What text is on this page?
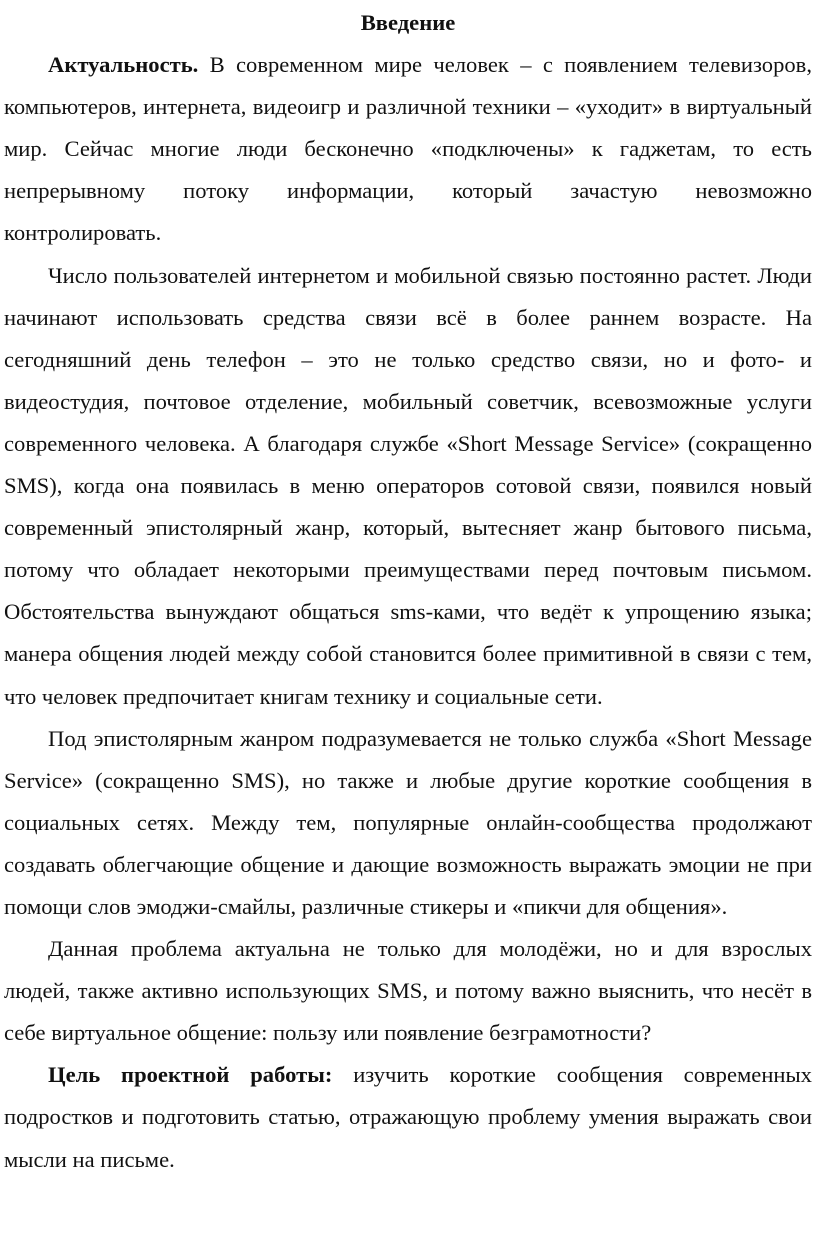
Введение

Актуальность. В современном мире человек – с появлением телевизоров, компьютеров, интернета, видеоигр и различной техники – «уходит» в виртуальный мир. Сейчас многие люди бесконечно «подключены» к гаджетам, то есть непрерывному потоку информации, который зачастую невозможно контролировать.

Число пользователей интернетом и мобильной связью постоянно растет. Люди начинают использовать средства связи всё в более раннем возрасте. На сегодняшний день телефон – это не только средство связи, но и фото- и видеостудия, почтовое отделение, мобильный советчик, всевозможные услуги современного человека. А благодаря службе «Short Message Service» (сокращенно SMS), когда она появилась в меню операторов сотовой связи, появился новый современный эпистолярный жанр, который, вытесняет жанр бытового письма, потому что обладает некоторыми преимуществами перед почтовым письмом. Обстоятельства вынуждают общаться sms-ками, что ведёт к упрощению языка; манера общения людей между собой становится более примитивной в связи с тем, что человек предпочитает книгам технику и социальные сети.

Под эпистолярным жанром подразумевается не только служба «Short Message Service» (сокращенно SMS), но также и любые другие короткие сообщения в социальных сетях. Между тем, популярные онлайн-сообщества продолжают создавать облегчающие общение и дающие возможность выражать эмоции не при помощи слов эмоджи-смайлы, различные стикеры и «пикчи для общения».

Данная проблема актуальна не только для молодёжи, но и для взрослых людей, также активно использующих SMS, и потому важно выяснить, что несёт в себе виртуальное общение: пользу или появление безграмотности?

Цель проектной работы: изучить короткие сообщения современных подростков и подготовить статью, отражающую проблему умения выражать свои мысли на письме.
